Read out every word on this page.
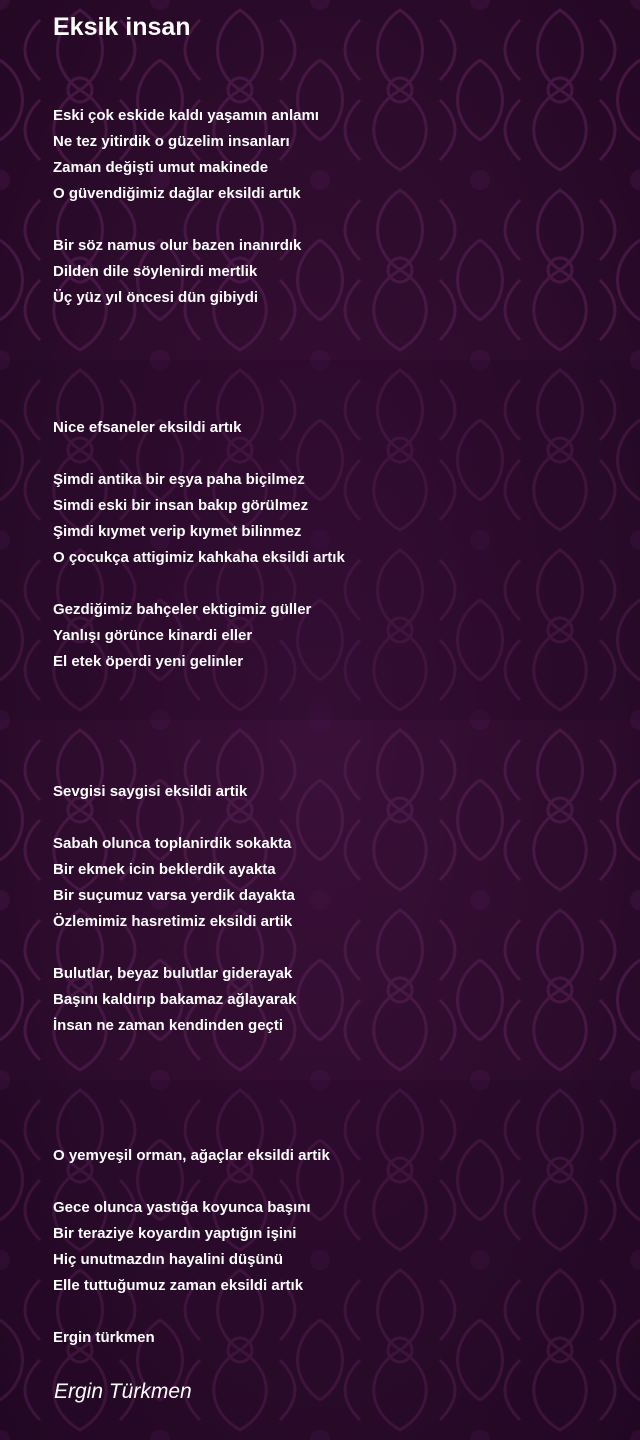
Eksik insan
Eski çok eskide kaldı yaşamın anlamı
Ne tez yitirdik o güzelim insanları
Zaman değişti umut makinede
O güvendiğimiz dağlar eksildi artık
Bir söz namus olur bazen inanırdık
Dilden dile söylenirdi mertlik
Üç yüz yıl öncesi dün gibiydi
Nice efsaneler eksildi artık
Şimdi antika bir eşya paha biçilmez
Simdi eski bir insan bakıp görülmez
Şimdi kıymet verip kıymet bilinmez
O çocukça attigimiz kahkaha eksildi artık
Gezdiğimiz bahçeler ektigimiz güller
Yanlışı görünce kinardi eller
El etek öperdi yeni gelinler
Sevgisi saygisi eksildi artik
Sabah olunca toplanirdik sokakta
Bir ekmek icin beklerdik ayakta
Bir suçumuz varsa yerdik dayakta
Özlemimiz hasretimiz eksildi artik
Bulutlar, beyaz bulutlar giderayak
Başını kaldırıp bakamaz ağlayarak
İnsan ne zaman kendinden geçti
O yemyeşil orman, ağaçlar eksildi artik
Gece olunca yastığa koyunca başını
Bir teraziye koyardın yaptığın işini
Hiç unutmazdın hayalini düşünü
Elle tuttuğumuz zaman eksildi artık
Ergin türkmen

Ergin Türkmen
